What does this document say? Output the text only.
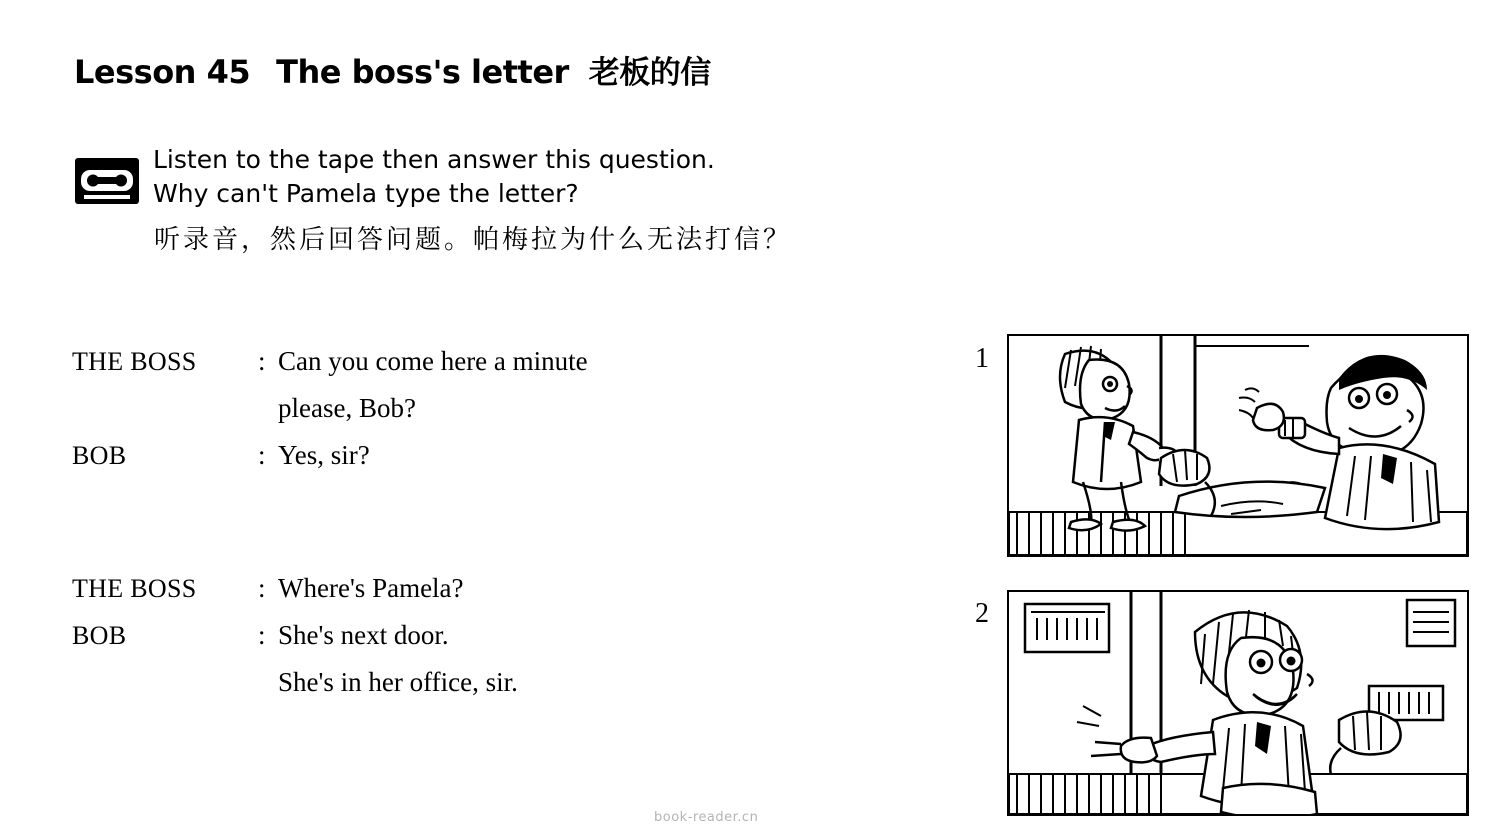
Lesson 45 The boss's letter 老板的信
Listen to the tape then answer this question.
Why can't Pamela type the letter?
听录音，然后回答问题。帕梅拉为什么无法打信？
THE BOSS	: Can you come here a minute
please, Bob?
BOB	: Yes, sir?
THE BOSS	: Where's Pamela?
BOB	: She's next door.
She's in her office, sir.
1
2
book-reader.cn
